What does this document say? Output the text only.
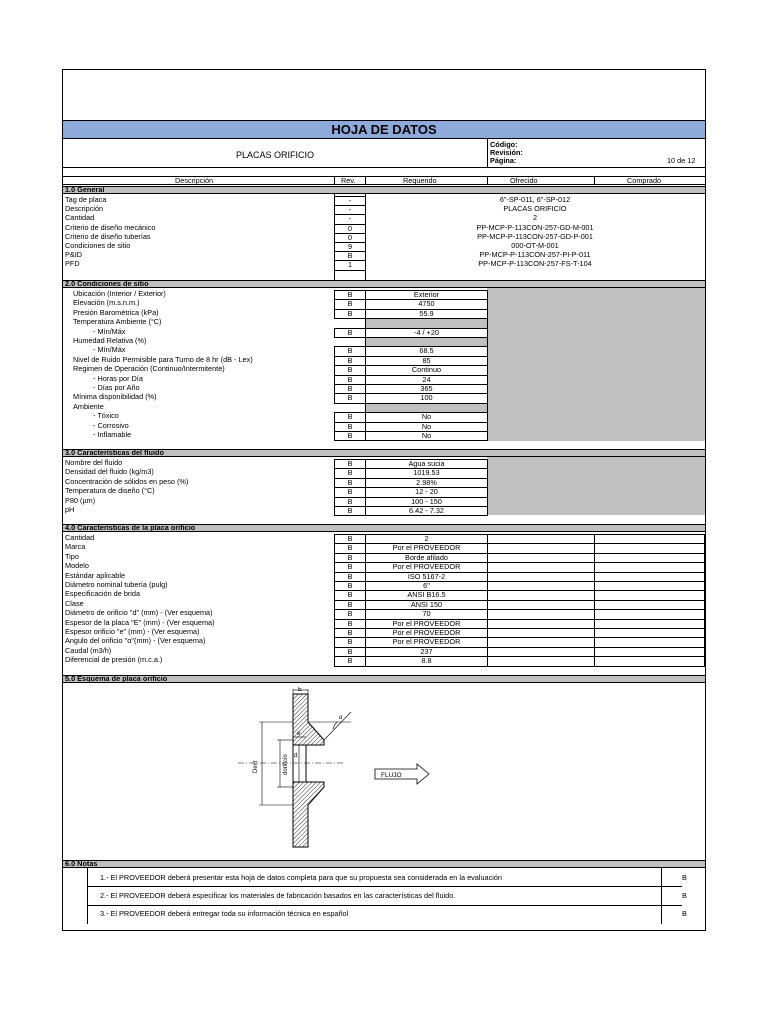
HOJA DE DATOS
PLACAS ORIFICIO
Código:
Revisión:
Página:	10 de 12
Descripción	Rev.	Requerido	Ofrecido	Comprado
1.0 General
Tag de placa	-	6"-SP-011, 6"-SP-012
Descripción	-	PLACAS ORIFICIO
Cantidad	-	2
Criterio de diseño mecánico	0	PP-MCP-P-113CON-257-GD-M-001
Criterio de diseño tuberías	0	PP-MCP-P-113CON-257-GD-P-001
Condiciones de sitio	9	000-OT-M-001
P&ID	B	PP-MCP-P-113CON-257-PI-P-011
PFD	1	PP-MCP-P-113CON-257-FS-T-104
2.0 Condiciones de sitio
Ubicación (Interior / Exterior)	B	Exterior
Elevación (m.s.n.m.)	B	4750
Presión Barométrica (kPa)	B	55.9
Temperatura Ambiente (°C)
- Mín/Máx	B	-4 / +20
Humedad Relativa (%)
- Mín/Máx	B	68.5
Nivel de Ruido Permisible para Turno de 8 hr (dB - Lex)	B	85
Regimen de Operación (Continuo/Intermitente)	B	Continuo
- Horas por Día	B	24
- Días por Año	B	365
Mínima disponibilidad (%)	B	100
Ambiente
- Tóxico	B	No
- Corrosivo	B	No
- Inflamable	B	No
3.0 Características del fluido
Nombre del fluido	B	Agua sucia
Densidad del fluido (kg/m3)	B	1019.53
Concentración de sólidos en peso (%)	B	2.98%
Temperatura de diseño (°C)	B	12 - 20
P80 (µm)	B	100 - 150
pH	B	6.42 - 7.32
4.0 Características de la placa orificio
Cantidad	B	2
Marca	B	Por el PROVEEDOR
Tipo	B	Borde afilado
Modelo	B	Por el PROVEEDOR
Estándar aplicable	B	ISO 5167-2
Diámetro nominal tubería (pulg)	B	6"
Especificación de brida	B	ANSI B16.5
Clase	B	ANSI 150
Diámetro de orificio "d" (mm) - (Ver esquema)	B	70
Espesor de la placa "E" (mm) - (Ver esquema)	B	Por el PROVEEDOR
Espesor orificio "e" (mm) - (Ver esquema)	B	Por el PROVEEDOR
Angulo del orificio "α"(mm) - (Ver esquema)	B	Por el PROVEEDOR
Caudal (m3/h)	B	237
Diferencial de presión (m.c.a.)	B	8.8
5.0 Esquema de placa orificio
E
e
α
d
dorificio
Dext
FLUJO
6.0 Notas
1.- El PROVEEDOR deberá presentar esta hoja de datos completa para que su propuesta sea considerada en la evaluación	B
2.- El PROVEEDOR deberá especificar los materiales de fabricación basados en las características del fluido.	B
3.- El PROVEEDOR deberá entregar toda su información técnica en español	B
